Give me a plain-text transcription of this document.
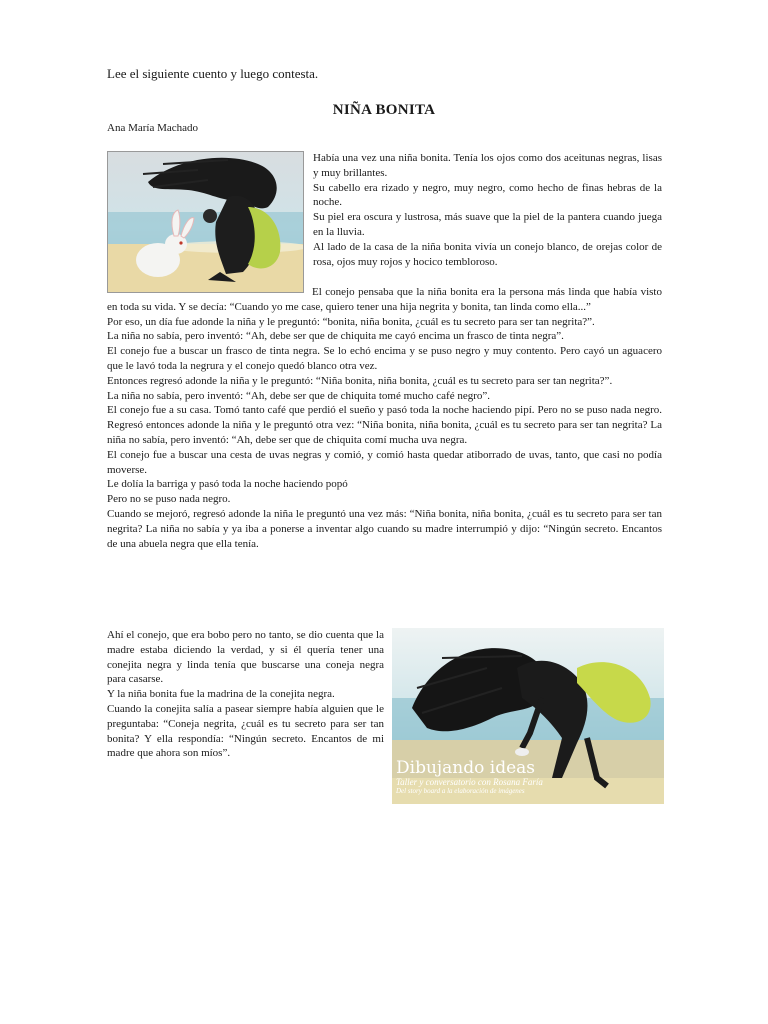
Lee el siguiente cuento y luego contesta.
NIÑA BONITA
Ana María Machado

Había una vez una niña bonita. Tenía los ojos como dos aceitunas negras, lisas y muy brillantes.

Su cabello era rizado y negro, muy negro, como hecho de finas hebras de la noche.

Su piel era oscura y lustrosa, más suave que la piel de la pantera cuando juega en la lluvia.

Al lado de la casa de la niña bonita vivía un conejo blanco, de orejas color de rosa, ojos muy rojos y hocico tembloroso.

El conejo pensaba que la niña bonita era la persona más linda que había visto en toda su vida. Y se decía: “Cuando yo me case, quiero tener una hija negrita y bonita, tan linda como ella...”

Por eso, un día fue adonde la niña y le preguntó: “bonita, niña bonita, ¿cuál es tu secreto para ser tan negrita?”.

La niña no sabía, pero inventó: “Ah, debe ser que de chiquita me cayó encima un frasco de tinta negra”.

El conejo fue a buscar un frasco de tinta negra. Se lo echó encima y se puso negro y muy contento. Pero cayó un aguacero que le lavó toda la negrura y el conejo quedó blanco otra vez.

Entonces regresó adonde la niña y le preguntó: “Niña bonita, niña bonita, ¿cuál es tu secreto para ser tan negrita?”.

La niña no sabía, pero inventó: “Ah, debe ser que de chiquita tomé mucho café negro”.

El conejo fue a su casa. Tomó tanto café que perdió el sueño y pasó toda la noche haciendo pipí. Pero no se puso nada negro. Regresó entonces adonde la niña y le preguntó otra vez: “Niña bonita, niña bonita, ¿cuál es tu secreto para ser tan negrita? La niña no sabía, pero inventó: “Ah, debe ser que de chiquita comí mucha uva negra.

El conejo fue a buscar una cesta de uvas negras y comió, y comió hasta quedar atiborrado de uvas, tanto, que casi no podía moverse.

Le dolía la barriga y pasó toda la noche haciendo popó

Pero no se puso nada negro.

Cuando se mejoró, regresó adonde la niña le preguntó una vez más: “Niña bonita, niña bonita, ¿cuál es tu secreto para ser tan negrita? La niña no sabía y ya iba a ponerse a inventar algo cuando su madre interrumpió y dijo: “Ningún secreto. Encantos de una abuela negra que ella tenía.

Ahí el conejo, que era bobo pero no tanto, se dio cuenta que la madre estaba diciendo la verdad, y si él quería tener una conejita negra y linda tenía que buscarse una coneja negra para casarse.

Y la niña bonita fue la madrina de la conejita negra.

Cuando la conejita salía a pasear siempre había alguien que le preguntaba: “Coneja negrita, ¿cuál es tu secreto para ser tan bonita? Y ella respondía: “Ningún secreto. Encantos de mi madre que ahora son míos”.

Dibujando ideas
Taller y conversatorio con Rosana Faría
Del story board a la elaboración de imágenes
